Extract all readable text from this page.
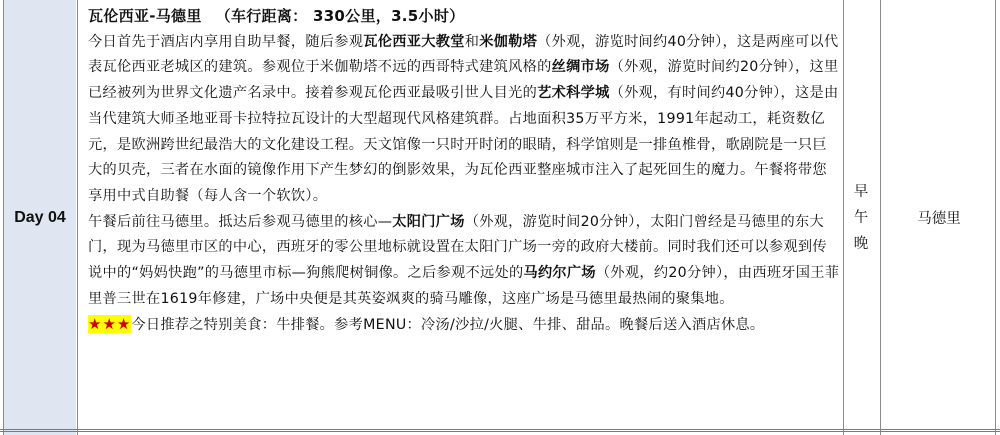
Day 04

瓦伦西亚-马德里 （车行距离： 330公里，3.5小时）

今日首先于酒店内享用自助早餐，随后参观瓦伦西亚大教堂和米伽勒塔（外观，游览时间约40分钟），这是两座可以代表瓦伦西亚老城区的建筑。参观位于米伽勒塔不远的西哥特式建筑风格的丝绸市场（外观，游览时间约20分钟），这里已经被列为世界文化遗产名录中。接着参观瓦伦西亚最吸引世人目光的艺术科学城（外观，有时间约40分钟），这是由当代建筑大师圣地亚哥卡拉特拉瓦设计的大型超现代风格建筑群。占地面积35万平方米，1991年起动工，耗资数亿元，是欧洲跨世纪最浩大的文化建设工程。天文馆像一只时开时闭的眼睛，科学馆则是一排鱼椎骨，歌剧院是一只巨大的贝壳，三者在水面的镜像作用下产生梦幻的倒影效果，为瓦伦西亚整座城市注入了起死回生的魔力。午餐将带您享用中式自助餐（每人含一个软饮）。

午餐后前往马德里。抵达后参观马德里的核心—太阳门广场（外观，游览时间20分钟），太阳门曾经是马德里的东大门，现为马德里市区的中心，西班牙的零公里地标就设置在太阳门广场一旁的政府大楼前。同时我们还可以参观到传说中的“妈妈快跑”的马德里市标—狗熊爬树铜像。之后参观不远处的马约尔广场（外观，约20分钟），由西班牙国王菲里普三世在1619年修建，广场中央便是其英姿飒爽的骑马雕像，这座广场是马德里最热闹的聚集地。

★★★今日推荐之特别美食：牛排餐。参考MENU：冷汤/沙拉/火腿、牛排、甜品。晚餐后送入酒店休息。

早
午
晚
马德里
